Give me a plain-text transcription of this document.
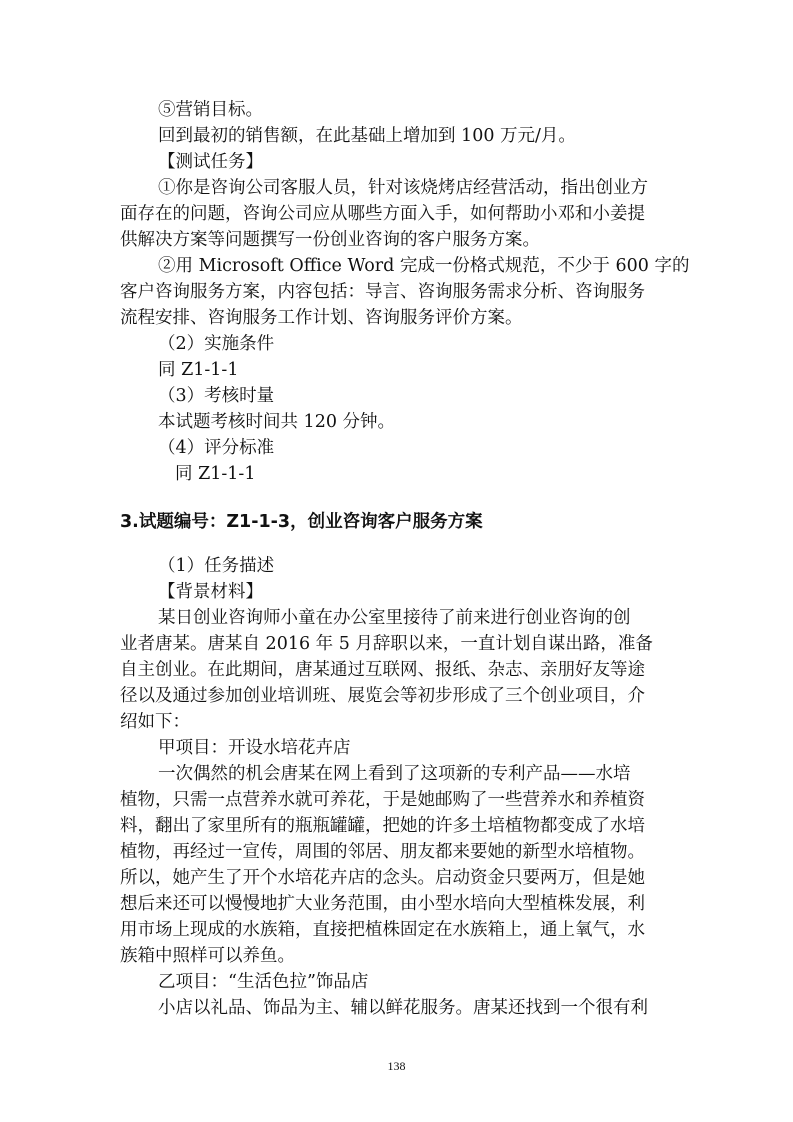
⑤营销目标。
回到最初的销售额，在此基础上增加到 100 万元/月。
【测试任务】
①你是咨询公司客服人员，针对该烧烤店经营活动，指出创业方
面存在的问题，咨询公司应从哪些方面入手，如何帮助小邓和小姜提
供解决方案等问题撰写一份创业咨询的客户服务方案。
②用 Microsoft Office Word 完成一份格式规范，不少于 600 字的
客户咨询服务方案，内容包括：导言、咨询服务需求分析、咨询服务
流程安排、咨询服务工作计划、咨询服务评价方案。
（2）实施条件
同 Z1-1-1
（3）考核时量
本试题考核时间共 120 分钟。
（4）评分标准
同 Z1-1-1
3.试题编号：Z1-1-3，创业咨询客户服务方案
（1）任务描述
【背景材料】
某日创业咨询师小童在办公室里接待了前来进行创业咨询的创
业者唐某。唐某自 2016 年 5 月辞职以来，一直计划自谋出路，准备
自主创业。在此期间，唐某通过互联网、报纸、杂志、亲朋好友等途
径以及通过参加创业培训班、展览会等初步形成了三个创业项目，介
绍如下：
甲项目：开设水培花卉店
一次偶然的机会唐某在网上看到了这项新的专利产品——水培
植物，只需一点营养水就可养花，于是她邮购了一些营养水和养植资
料，翻出了家里所有的瓶瓶罐罐，把她的许多土培植物都变成了水培
植物，再经过一宣传，周围的邻居、朋友都来要她的新型水培植物。
所以，她产生了开个水培花卉店的念头。启动资金只要两万，但是她
想后来还可以慢慢地扩大业务范围，由小型水培向大型植株发展，利
用市场上现成的水族箱，直接把植株固定在水族箱上，通上氧气，水
族箱中照样可以养鱼。
乙项目：“生活色拉”饰品店
小店以礼品、饰品为主、辅以鲜花服务。唐某还找到一个很有利
138
